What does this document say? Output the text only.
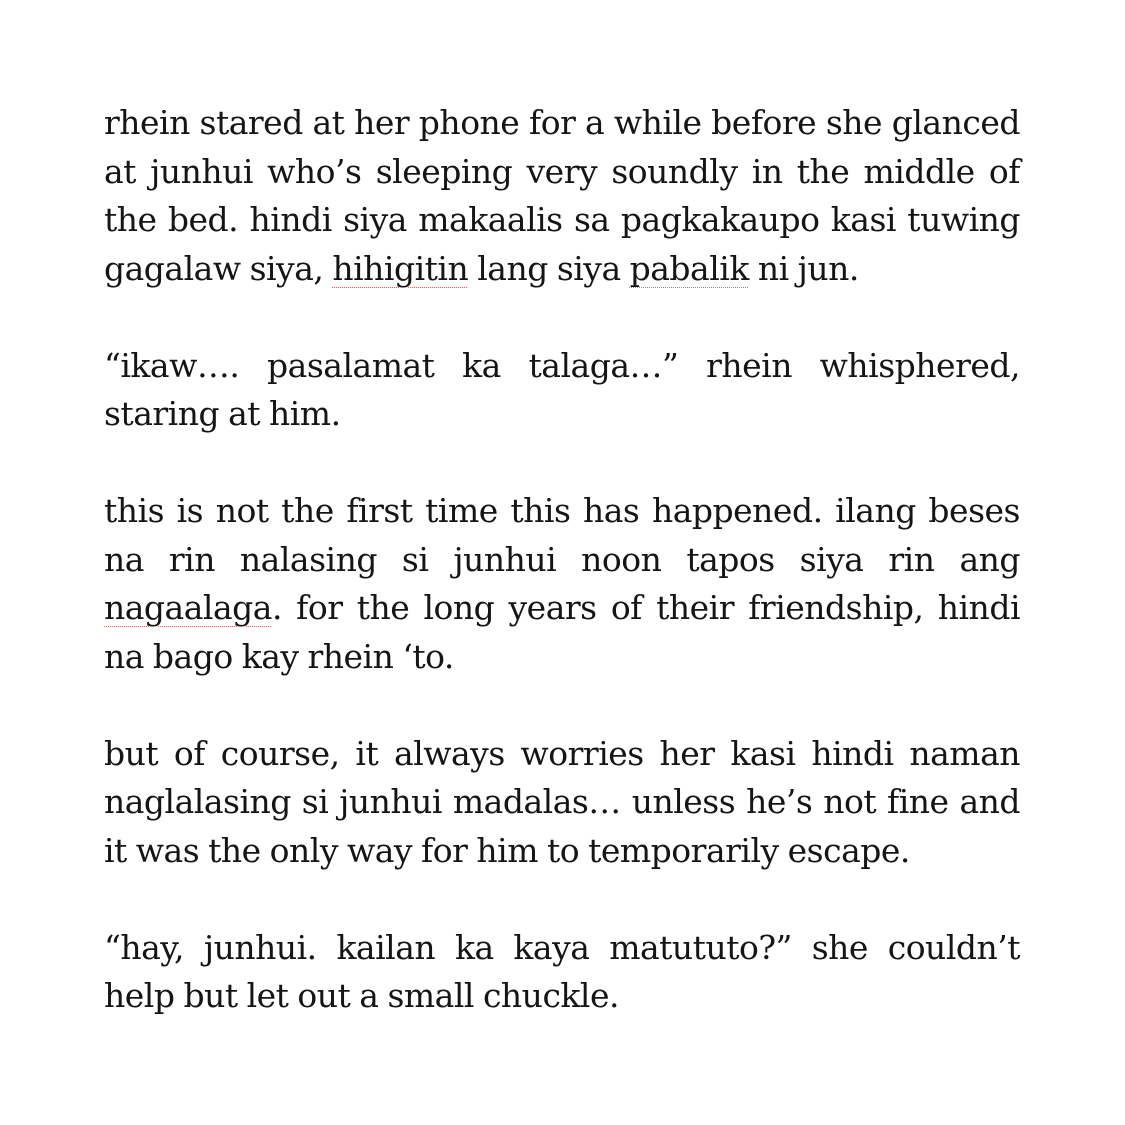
rhein stared at her phone for a while before she glanced at junhui who’s sleeping very soundly in the middle of the bed. hindi siya makaalis sa pagkakaupo kasi tuwing gagalaw siya, hihigitin lang siya pabalik ni jun.

“ikaw…. pasalamat ka talaga…” rhein whisphered, staring at him.

this is not the first time this has happened. ilang beses na rin nalasing si junhui noon tapos siya rin ang nagaalaga. for the long years of their friendship, hindi na bago kay rhein ‘to.

but of course, it always worries her kasi hindi naman naglalasing si junhui madalas… unless he’s not fine and it was the only way for him to temporarily escape.

“hay, junhui. kailan ka kaya matututo?” she couldn’t help but let out a small chuckle.
